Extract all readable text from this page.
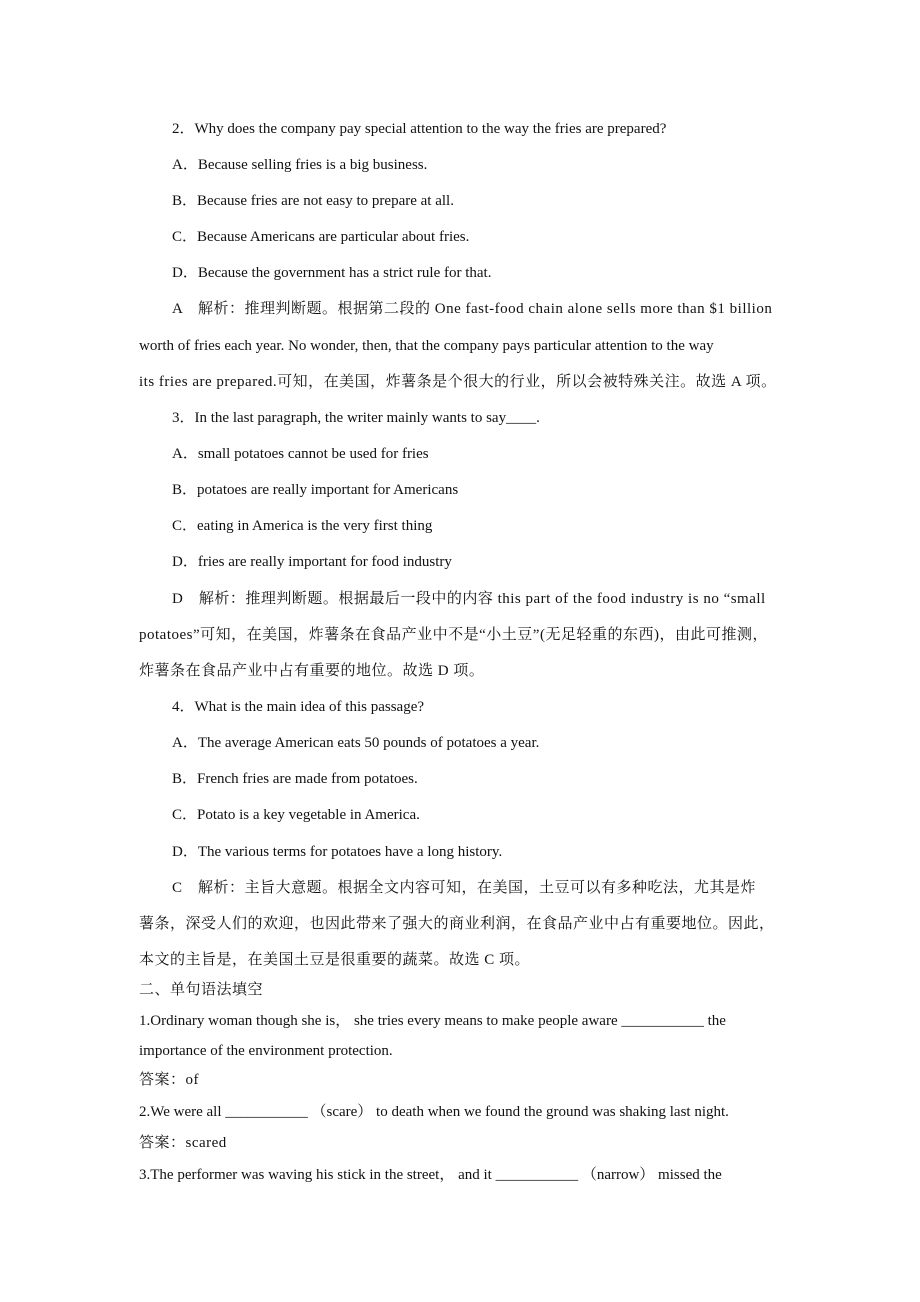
2．Why does the company pay special attention to the way the fries are prepared?
A．Because selling fries is a big business.
B．Because fries are not easy to prepare at all.
C．Because Americans are particular about fries.
D．Because the government has a strict rule for that.
A　解析：推理判断题。根据第二段的 One fast-food chain alone sells more than $1 billion
worth of fries each year. No wonder, then, that the company pays particular attention to the way
its fries are prepared.可知，在美国，炸薯条是个很大的行业，所以会被特殊关注。故选 A 项。
3．In the last paragraph, the writer mainly wants to say____.
A．small potatoes cannot be used for fries
B．potatoes are really important for Americans
C．eating in America is the very first thing
D．fries are really important for food industry
D　解析：推理判断题。根据最后一段中的内容 this part of the food industry is no “small
potatoes”可知，在美国，炸薯条在食品产业中不是“小土豆”(无足轻重的东西)，由此可推测，
炸薯条在食品产业中占有重要的地位。故选 D 项。
4．What is the main idea of this passage?
A．The average American eats 50 pounds of potatoes a year.
B．French fries are made from potatoes.
C．Potato is a key vegetable in America.
D．The various terms for potatoes have a long history.
C　解析：主旨大意题。根据全文内容可知，在美国，土豆可以有多种吃法，尤其是炸
薯条，深受人们的欢迎，也因此带来了强大的商业利润，在食品产业中占有重要地位。因此，
本文的主旨是，在美国土豆是很重要的蔬菜。故选 C 项。
二、单句语法填空
1.Ordinary woman though she is， she tries every means to make people aware ___________ the
importance of the environment protection.
答案：of
2.We were all ___________ （scare） to death when we found the ground was shaking last night.
答案：scared
3.The performer was waving his stick in the street， and it ___________ （narrow） missed the
